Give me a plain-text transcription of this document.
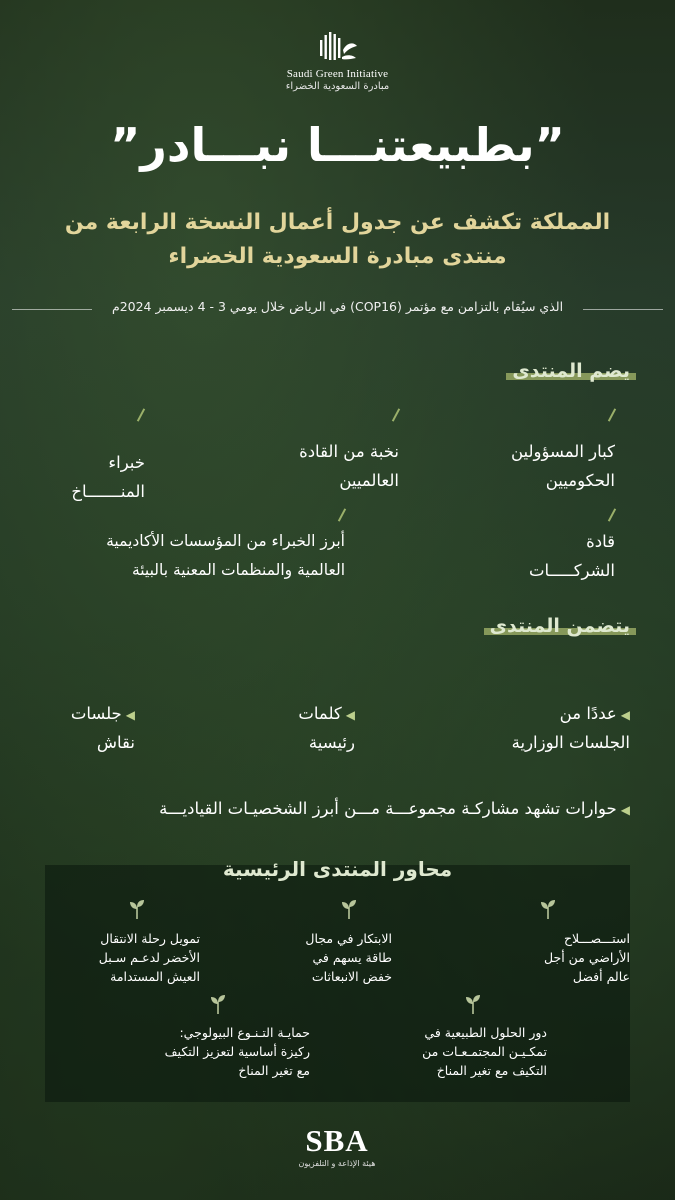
Saudi Green Initiative
مبادرة السعودية الخضراء
”بطبيعتنـــا نبـــادر”
المملكة تكشف عن جدول أعمال النسخة الرابعة من
منتدى مبادرة السعودية الخضراء
الذي سيُقام بالتزامن مع مؤتمر (COP16) في الرياض خلال يومي 3 - 4 ديسمبر 2024م
يضم المنتدى
كبار المسؤولين
الحكوميين
نخبة من القادة
العالميين
خبراء
المنـــــــاخ
قادة
الشركـــــات
أبرز الخبراء من المؤسسات الأكاديمية
العالمية والمنظمات المعنية بالبيئة
يتضمن المنتدى
◀عددًا من
الجلسات الوزارية
◀كلمات
رئيسية
◀جلسات
نقاش
◀حوارات تشهد مشاركـة مجموعـــة مـــن أبرز الشخصيـات القياديـــة
محاور المنتدى الرئيسية
استـــصـــلاح
الأراضي من أجل
عالم أفضل
الابتكار في مجال
طاقة يسهم في
خفض الانبعاثات
تمويل رحلة الانتقال
الأخضر لدعـم سـبل
العيش المستدامة
دور الحلول الطبيعية في
تمكـيـن المجتمـعـات من
التكيف مع تغير المناخ
حمايـة التـنـوع البيولوجي:
ركيزة أساسية لتعزيز التكيف
مع تغير المناخ
SBA
هيئة الإذاعة و التلفزيون
